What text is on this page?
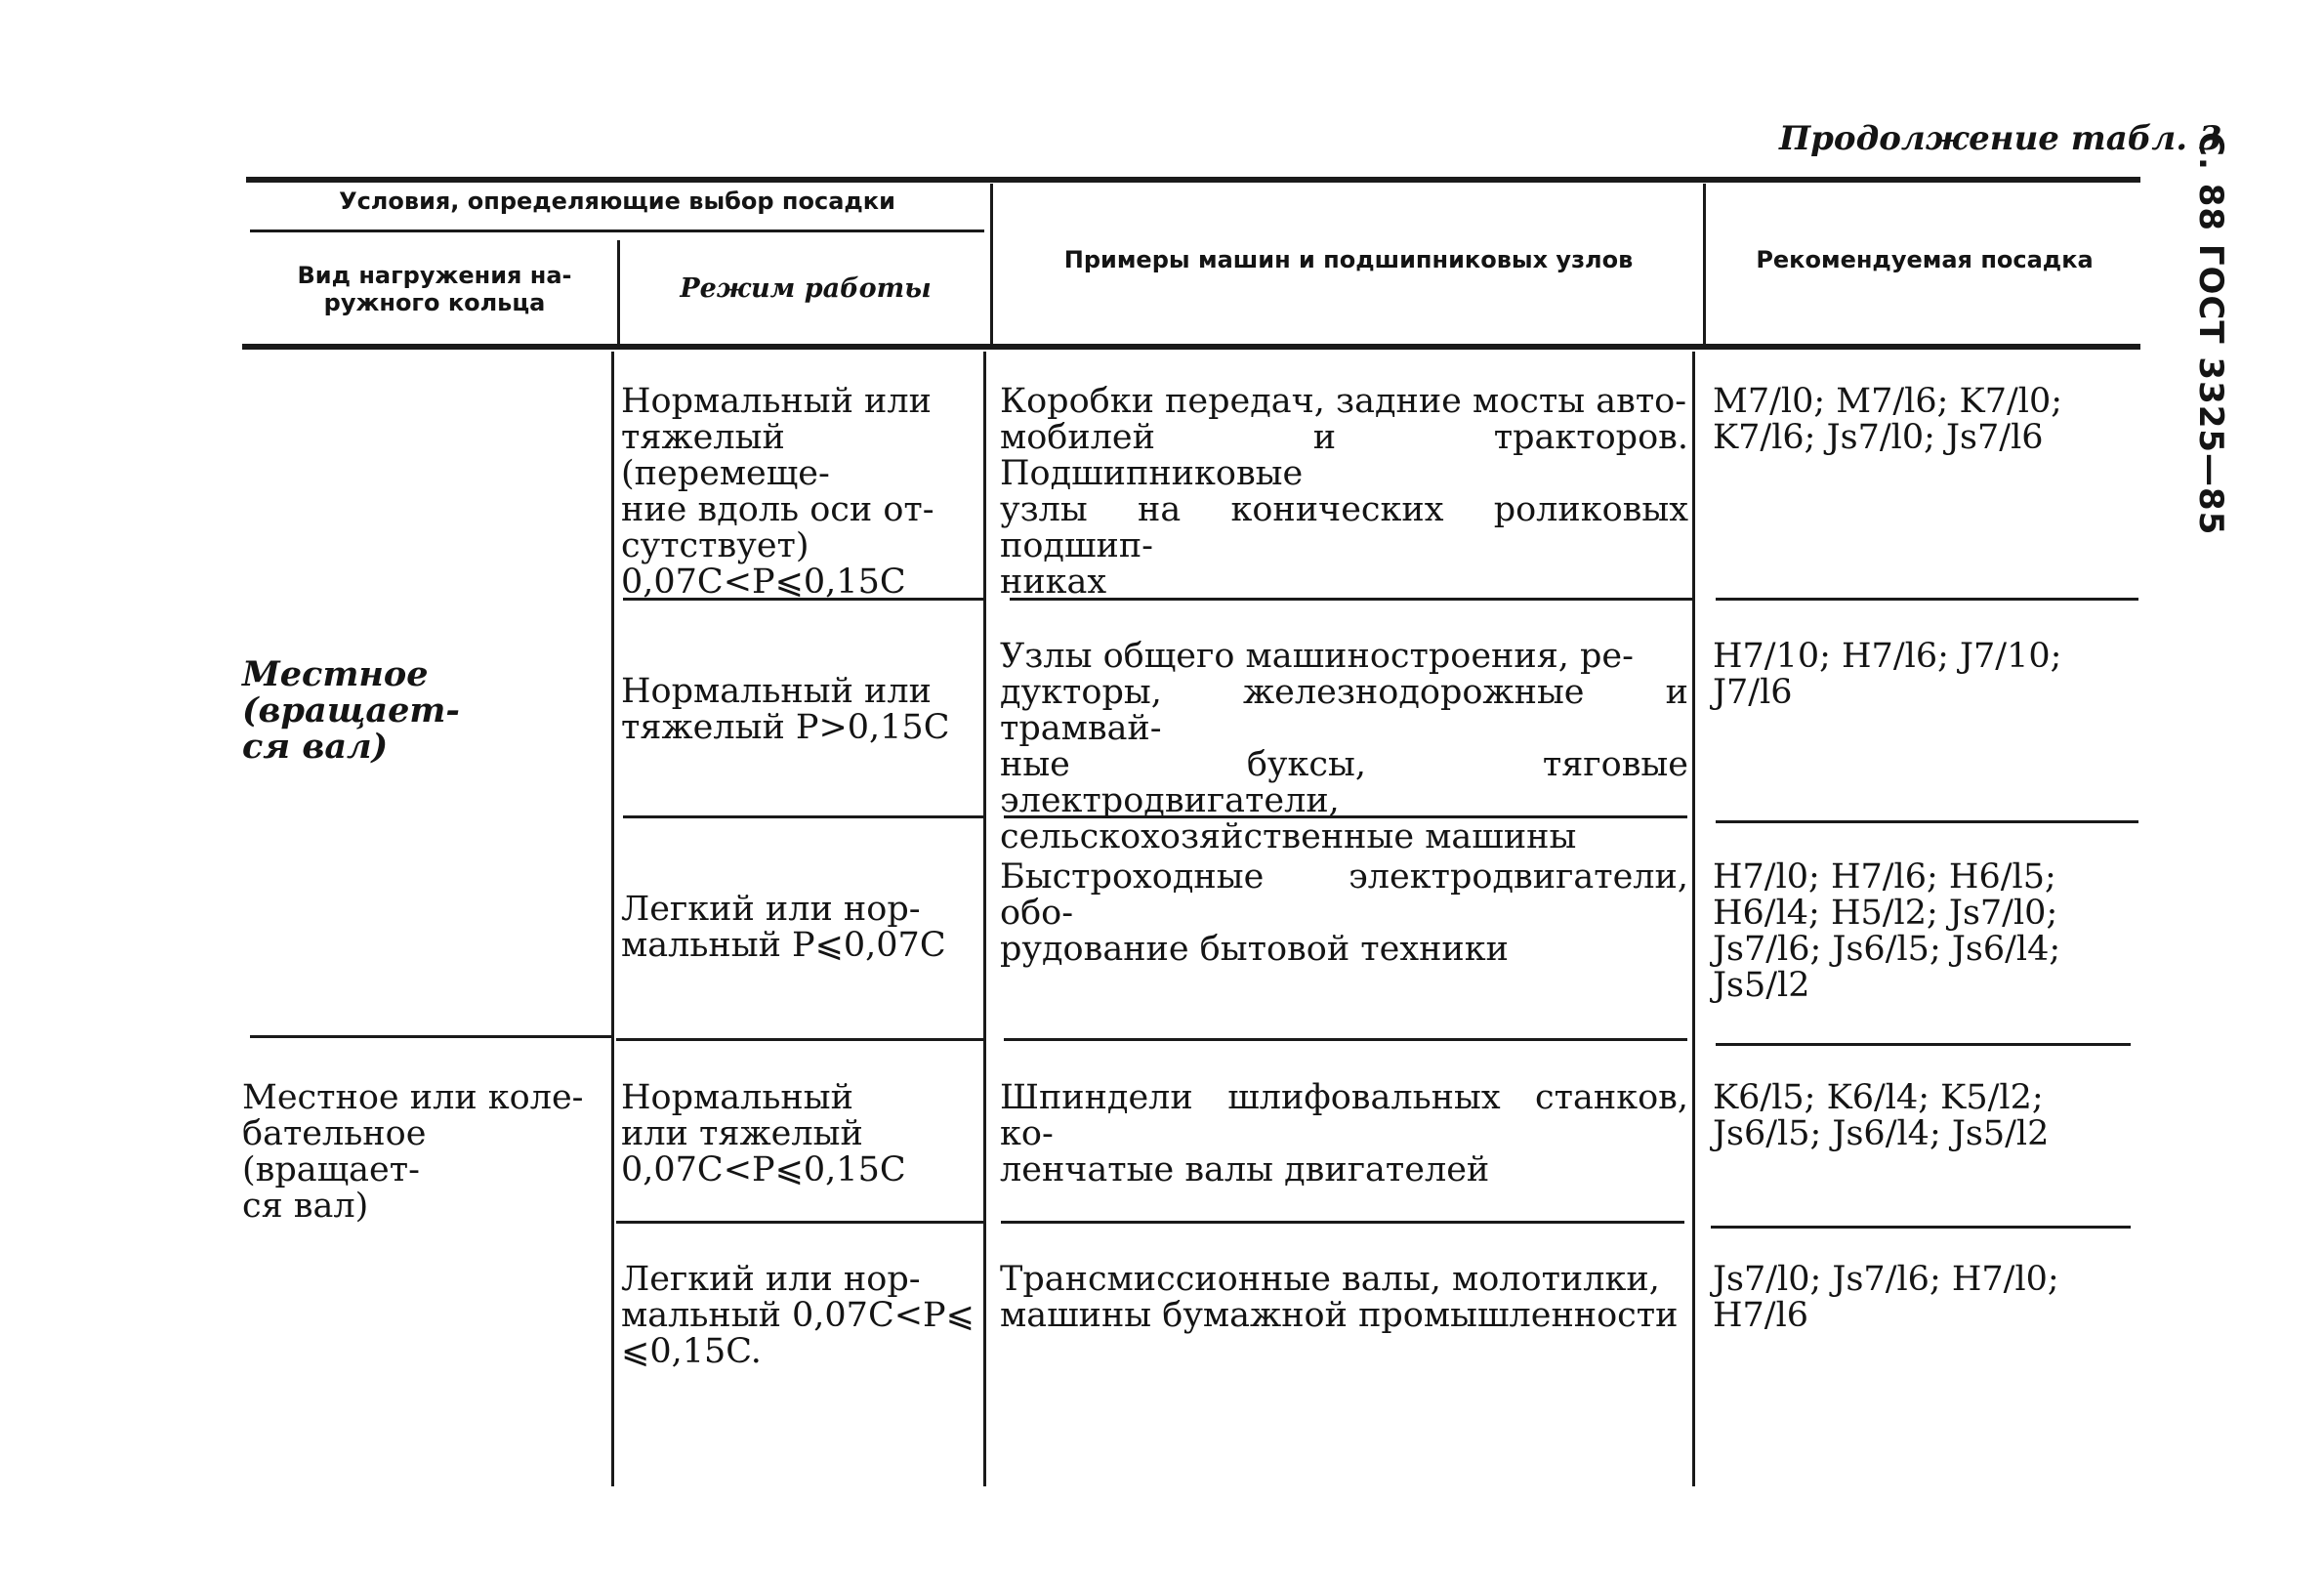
С. 88 ГОСТ 3325—85
Продолжение табл. 3
Условия, определяющие выбор посадки
Вид нагружения на-
ружного кольца	Режим работы
Примеры машин и подшипниковых узлов	Рекомендуемая посадка
Местное (вращает-
ся вал)
Местное или коле-
бательное (вращает-
ся вал)
Нормальный или
тяжелый (перемеще-
ние вдоль оси от-
сутствует)
0,07C<P⩽0,15C
Коробки передач, задние мосты авто-
мобилей и тракторов. Подшипниковые
узлы на конических роликовых подшип-
никах
M7/l0; M7/l6; K7/l0;
K7/l6; Js7/l0; Js7/l6
Нормальный или
тяжелый P>0,15C
Узлы общего машиностроения, ре-
дукторы, железнодорожные и трамвай-
ные буксы, тяговые электродвигатели,
сельскохозяйственные машины
H7/10; H7/l6; J7/10;
J7/l6
Легкий или нор-
мальный P⩽0,07C
Быстроходные электродвигатели, обо-
рудование бытовой техники
H7/l0; H7/l6; H6/l5;
H6/l4; H5/l2; Js7/l0;
Js7/l6; Js6/l5; Js6/l4;
Js5/l2
Нормальный
или тяжелый
0,07C<P⩽0,15C
Шпиндели шлифовальных станков, ко-
ленчатые валы двигателей
K6/l5; K6/l4; K5/l2;
Js6/l5; Js6/l4; Js5/l2
Легкий или нор-
мальный 0,07C<P⩽
⩽0,15C.
Трансмиссионные валы, молотилки,
машины бумажной промышленности
Js7/l0; Js7/l6; H7/l0;
H7/l6
